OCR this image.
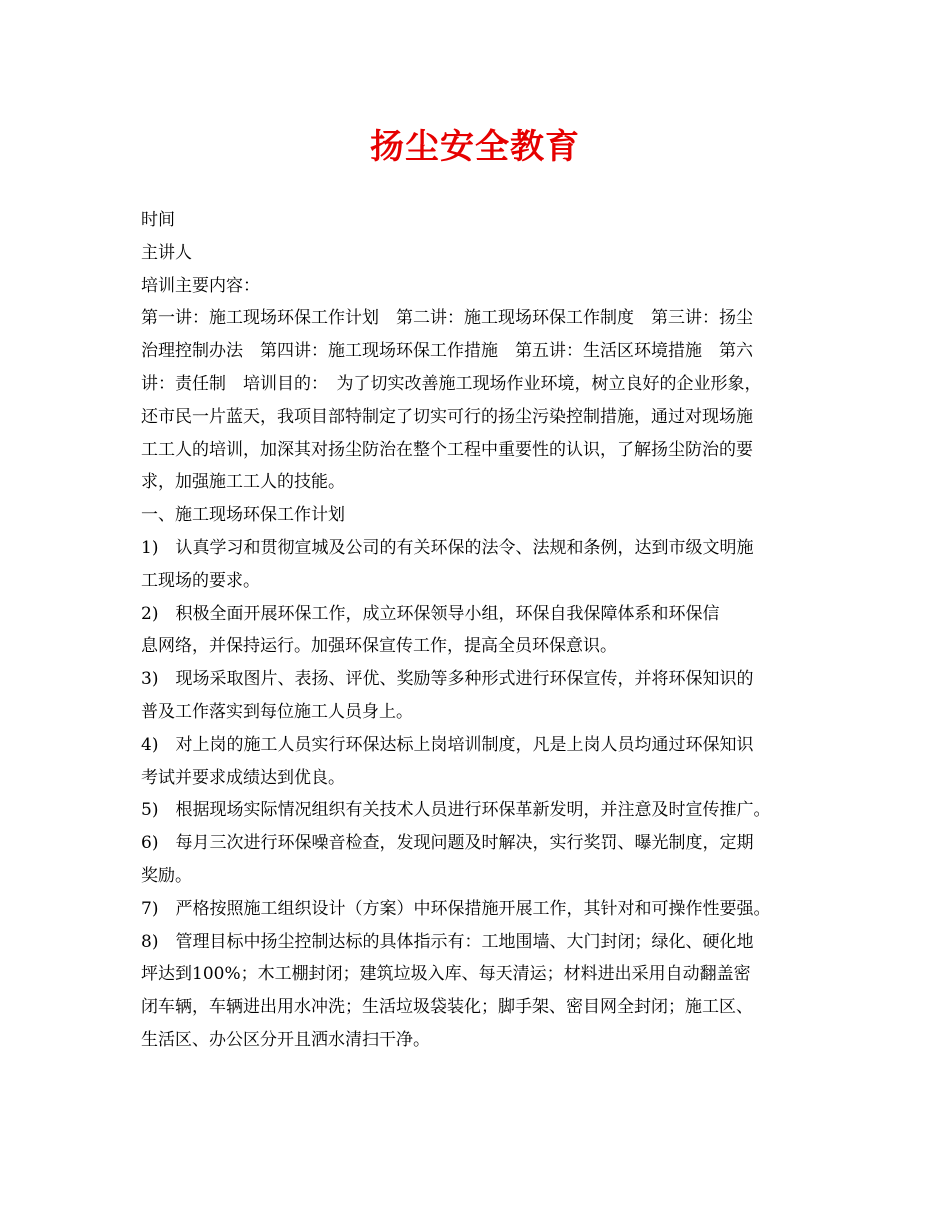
扬尘安全教育
时间
主讲人
培训主要内容：
第一讲：施工现场环保工作计划　第二讲：施工现场环保工作制度　第三讲：扬尘
治理控制办法　第四讲：施工现场环保工作措施　第五讲：生活区环境措施　第六
讲：责任制　培训目的：　为了切实改善施工现场作业环境，树立良好的企业形象，
还市民一片蓝天，我项目部特制定了切实可行的扬尘污染控制措施，通过对现场施
工工人的培训，加深其对扬尘防治在整个工程中重要性的认识，了解扬尘防治的要
求，加强施工工人的技能。
一、施工现场环保工作计划
1)　认真学习和贯彻宣城及公司的有关环保的法令、法规和条例，达到市级文明施
工现场的要求。
2)　积极全面开展环保工作，成立环保领导小组，环保自我保障体系和环保信
息网络，并保持运行。加强环保宣传工作，提高全员环保意识。
3)　现场采取图片、表扬、评优、奖励等多种形式进行环保宣传，并将环保知识的
普及工作落实到每位施工人员身上。
4)　对上岗的施工人员实行环保达标上岗培训制度，凡是上岗人员均通过环保知识
考试并要求成绩达到优良。
5)　根据现场实际情况组织有关技术人员进行环保革新发明，并注意及时宣传推广。
6)　每月三次进行环保噪音检查，发现问题及时解决，实行奖罚、曝光制度，定期
奖励。
7)　严格按照施工组织设计（方案）中环保措施开展工作，其针对和可操作性要强。
8)　管理目标中扬尘控制达标的具体指示有：工地围墙、大门封闭；绿化、硬化地
坪达到100%；木工棚封闭；建筑垃圾入库、每天清运；材料进出采用自动翻盖密
闭车辆，车辆进出用水冲洗；生活垃圾袋装化；脚手架、密目网全封闭；施工区、
生活区、办公区分开且洒水清扫干净。
